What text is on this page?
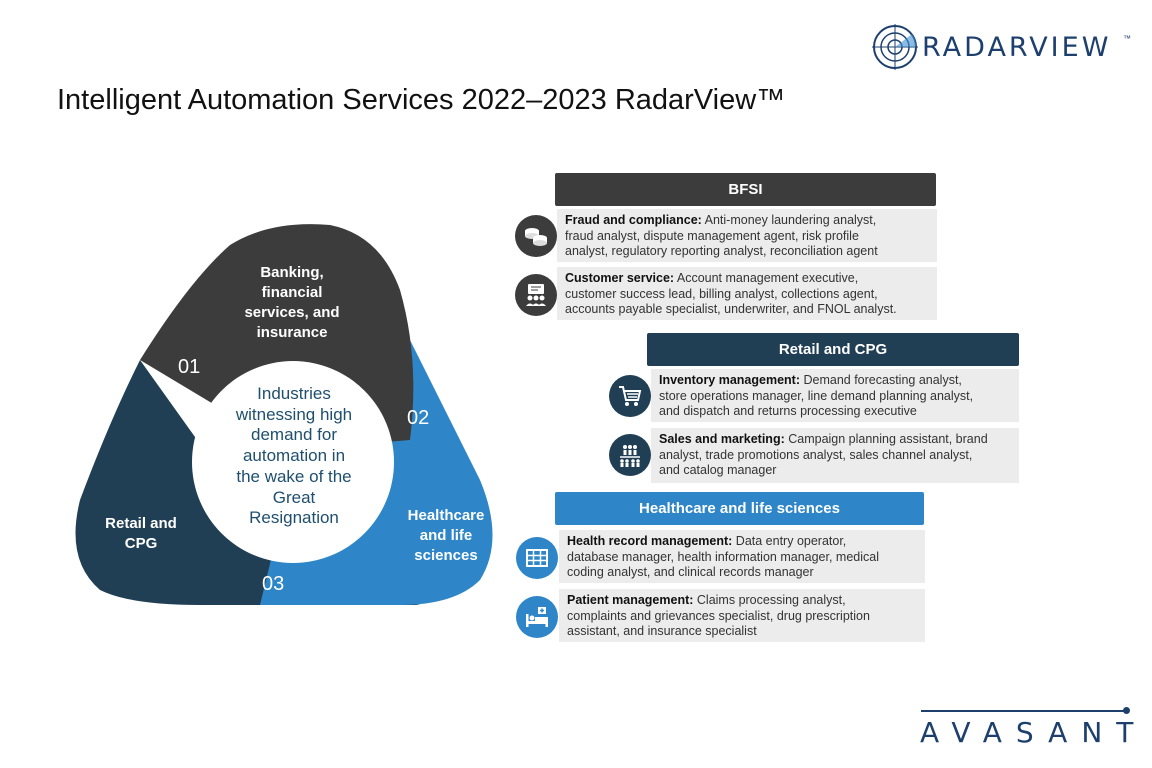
RADARVIEW ™
Intelligent Automation Services 2022–2023 RadarView™
Banking,
financial
services, and
insurance
01
Healthcare
and life
sciences
02
Retail and
CPG
03
Industries
witnessing high
demand for
automation in
the wake of the
Great
Resignation
BFSI
Fraud and compliance: Anti-money laundering analyst,
fraud analyst, dispute management agent, risk profile
analyst, regulatory reporting analyst, reconciliation agent
Customer service: Account management executive,
customer success lead, billing analyst, collections agent,
accounts payable specialist, underwriter, and FNOL analyst.
Retail and CPG
Inventory management: Demand forecasting analyst,
store operations manager, line demand planning analyst,
and dispatch and returns processing executive
Sales and marketing: Campaign planning assistant, brand
analyst, trade promotions analyst, sales channel analyst,
and catalog manager
Healthcare and life sciences
Health record management: Data entry operator,
database manager, health information manager, medical
coding analyst, and clinical records manager
Patient management: Claims processing analyst,
complaints and grievances specialist, drug prescription
assistant, and insurance specialist
AVASANT
